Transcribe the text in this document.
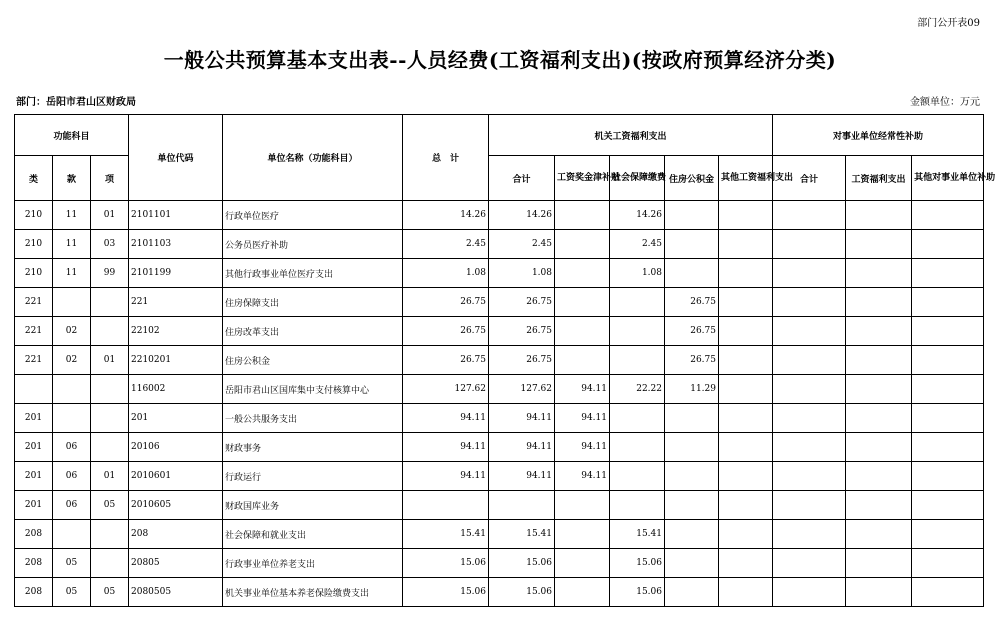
部门公开表09
一般公共预算基本支出表--人员经费(工资福利支出)(按政府预算经济分类)
部门：岳阳市君山区财政局	金额单位：万元
功能科目			单位代码	单位名称（功能科目）	总　计	机关工资福利支出					对事业单位经常性补助		
类	款	项				合计	工资奖金津补贴	社会保障缴费	住房公积金	其他工资福利支出	合计	工资福利支出	其他对事业单位补助
210	11	01	2101101	行政单位医疗	14.26	14.26		14.26					
210	11	03	2101103	公务员医疗补助	2.45	2.45		2.45					
210	11	99	2101199	其他行政事业单位医疗支出	1.08	1.08		1.08					
221			221	住房保障支出	26.75	26.75			26.75				
221	02		22102	住房改革支出	26.75	26.75			26.75				
221	02	01	2210201	住房公积金	26.75	26.75			26.75				
			116002	岳阳市君山区国库集中支付核算中心	127.62	127.62	94.11	22.22	11.29				
201			201	一般公共服务支出	94.11	94.11	94.11						
201	06		20106	财政事务	94.11	94.11	94.11						
201	06	01	2010601	行政运行	94.11	94.11	94.11						
201	06	05	2010605	财政国库业务									
208			208	社会保障和就业支出	15.41	15.41		15.41					
208	05		20805	行政事业单位养老支出	15.06	15.06		15.06					
208	05	05	2080505	机关事业单位基本养老保险缴费支出	15.06	15.06		15.06					
